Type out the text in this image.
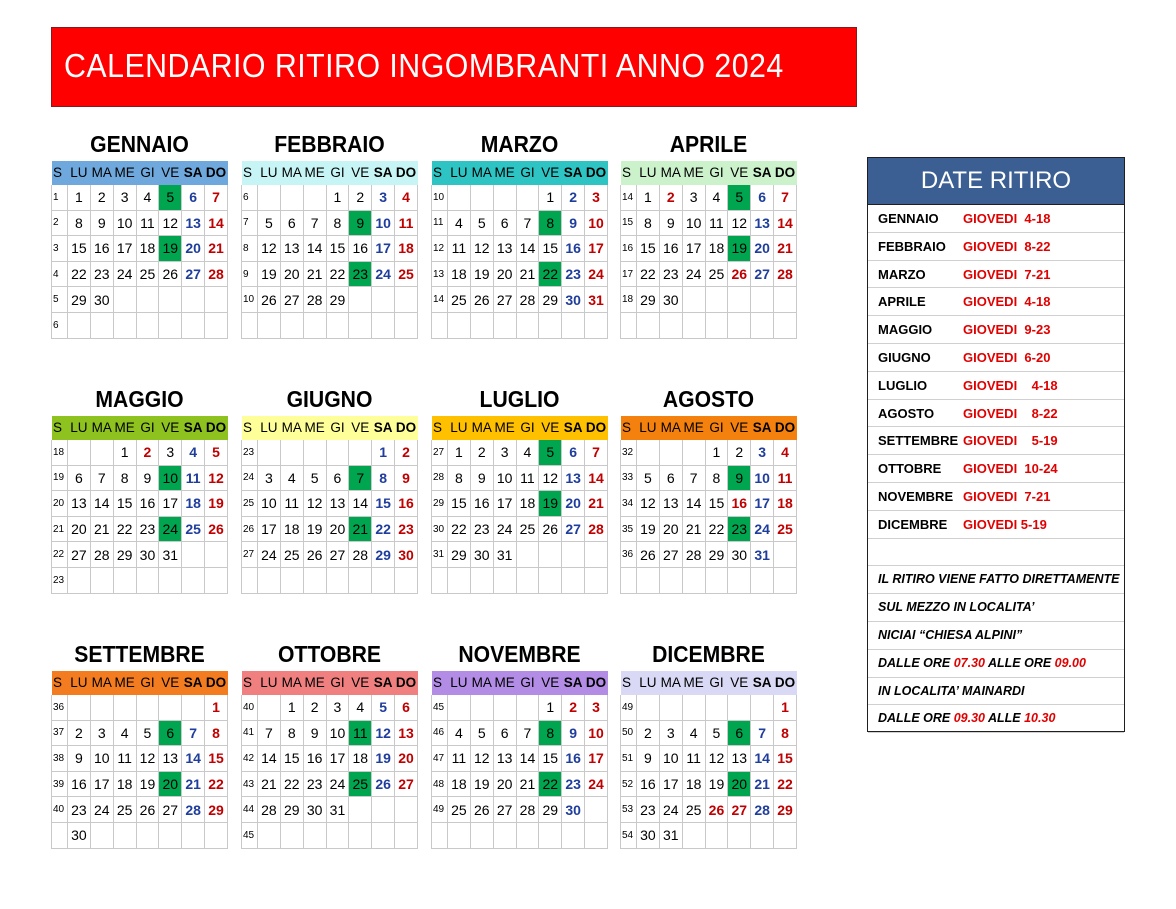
CALENDARIO RITIRO INGOMBRANTI ANNO 2024
GENNAIO
S	LU	MA	ME	GI	VE	SA	DO
1	1	2	3	4	5	6	7
2	8	9	10	11	12	13	14
3	15	16	17	18	19	20	21
4	22	23	24	25	26	27	28
5	29	30					
6							
FEBBRAIO
S	LU	MA	ME	GI	VE	SA	DO
6				1	2	3	4
7	5	6	7	8	9	10	11
8	12	13	14	15	16	17	18
9	19	20	21	22	23	24	25
10	26	27	28	29			

MARZO
S	LU	MA	ME	GI	VE	SA	DO
10					1	2	3
11	4	5	6	7	8	9	10
12	11	12	13	14	15	16	17
13	18	19	20	21	22	23	24
14	25	26	27	28	29	30	31

APRILE
S	LU	MA	ME	GI	VE	SA	DO
14	1	2	3	4	5	6	7
15	8	9	10	11	12	13	14
16	15	16	17	18	19	20	21
17	22	23	24	25	26	27	28
18	29	30					

MAGGIO
S	LU	MA	ME	GI	VE	SA	DO
18			1	2	3	4	5
19	6	7	8	9	10	11	12
20	13	14	15	16	17	18	19
21	20	21	22	23	24	25	26
22	27	28	29	30	31		
23							
GIUGNO
S	LU	MA	ME	GI	VE	SA	DO
23						1	2
24	3	4	5	6	7	8	9
25	10	11	12	13	14	15	16
26	17	18	19	20	21	22	23
27	24	25	26	27	28	29	30

LUGLIO
S	LU	MA	ME	GI	VE	SA	DO
27	1	2	3	4	5	6	7
28	8	9	10	11	12	13	14
29	15	16	17	18	19	20	21
30	22	23	24	25	26	27	28
31	29	30	31				

AGOSTO
S	LU	MA	ME	GI	VE	SA	DO
32				1	2	3	4
33	5	6	7	8	9	10	11
34	12	13	14	15	16	17	18
35	19	20	21	22	23	24	25
36	26	27	28	29	30	31	

SETTEMBRE
S	LU	MA	ME	GI	VE	SA	DO
36							1
37	2	3	4	5	6	7	8
38	9	10	11	12	13	14	15
39	16	17	18	19	20	21	22
40	23	24	25	26	27	28	29
	30						
OTTOBRE
S	LU	MA	ME	GI	VE	SA	DO
40		1	2	3	4	5	6
41	7	8	9	10	11	12	13
42	14	15	16	17	18	19	20
43	21	22	23	24	25	26	27
44	28	29	30	31			
45							
NOVEMBRE
S	LU	MA	ME	GI	VE	SA	DO
45					1	2	3
46	4	5	6	7	8	9	10
47	11	12	13	14	15	16	17
48	18	19	20	21	22	23	24
49	25	26	27	28	29	30	

DICEMBRE
S	LU	MA	ME	GI	VE	SA	DO
49							1
50	2	3	4	5	6	7	8
51	9	10	11	12	13	14	15
52	16	17	18	19	20	21	22
53	23	24	25	26	27	28	29
54	30	31					
DATE RITIRO
GENNAIO GIOVEDI  4-18
FEBBRAIO GIOVEDI  8-22
MARZO	GIOVEDI  7-21
APRILE	GIOVEDI  4-18
MAGGIO GIOVEDI  9-23
GIUGNO GIOVEDI  6-20
LUGLIO	GIOVEDI    4-18
AGOSTO GIOVEDI    8-22
SETTEMBRE GIOVEDI    5-19
OTTOBRE GIOVEDI  10-24
NOVEMBRE GIOVEDI  7-21
DICEMBRE GIOVEDI 5-19
IL RITIRO VIENE FATTO DIRETTAMENTE
SUL MEZZO IN LOCALITA’
NICIAI “CHIESA ALPINI”
DALLE ORE 07.30 ALLE ORE 09.00
IN LOCALITA’ MAINARDI
DALLE ORE 09.30 ALLE 10.30
